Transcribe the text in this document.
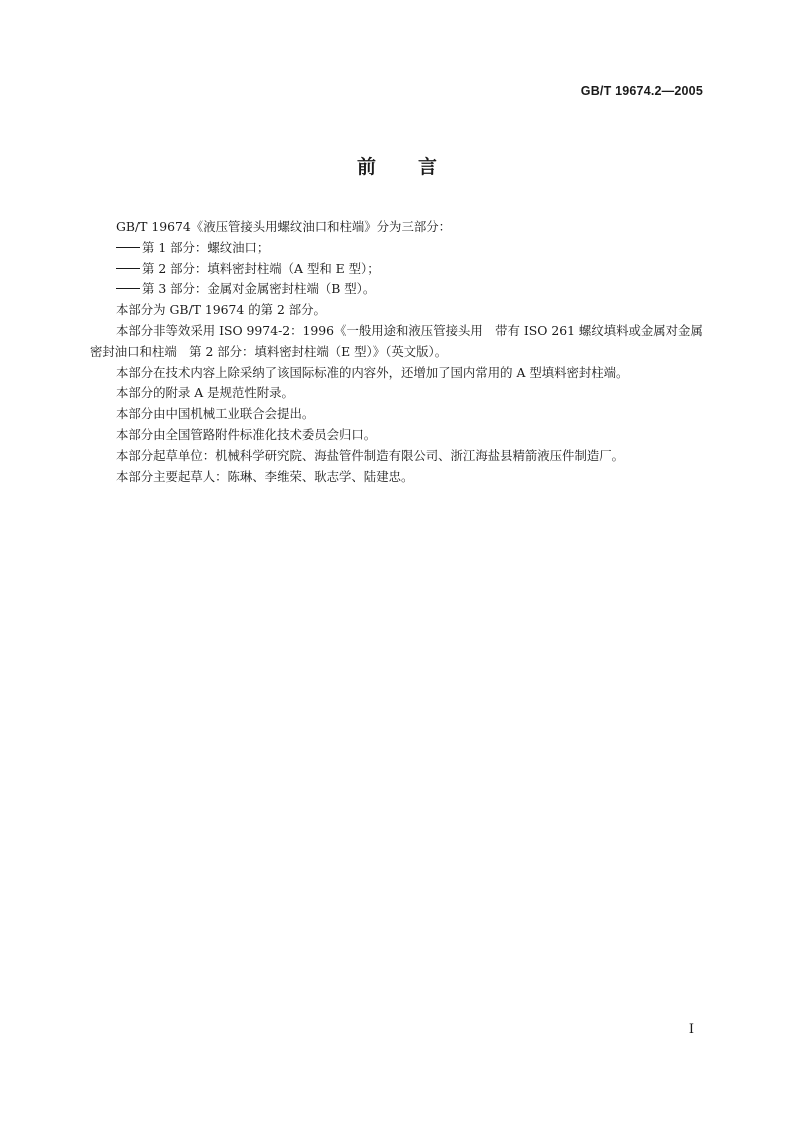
GB/T 19674.2—2005
前言

GB/T 19674《液压管接头用螺纹油口和柱端》分为三部分：

第 1 部分：螺纹油口；

第 2 部分：填料密封柱端（A 型和 E 型）；

第 3 部分：金属对金属密封柱端（B 型）。

本部分为 GB/T 19674 的第 2 部分。

本部分非等效采用 ISO 9974-2：1996《一般用途和液压管接头用　带有 ISO 261 螺纹填料或金属对金属密封油口和柱端　第 2 部分：填料密封柱端（E 型）》（英文版）。

本部分在技术内容上除采纳了该国际标准的内容外，还增加了国内常用的 A 型填料密封柱端。

本部分的附录 A 是规范性附录。

本部分由中国机械工业联合会提出。

本部分由全国管路附件标准化技术委员会归口。

本部分起草单位：机械科学研究院、海盐管件制造有限公司、浙江海盐县精箭液压件制造厂。

本部分主要起草人：陈琳、李维荣、耿志学、陆建忠。

I
